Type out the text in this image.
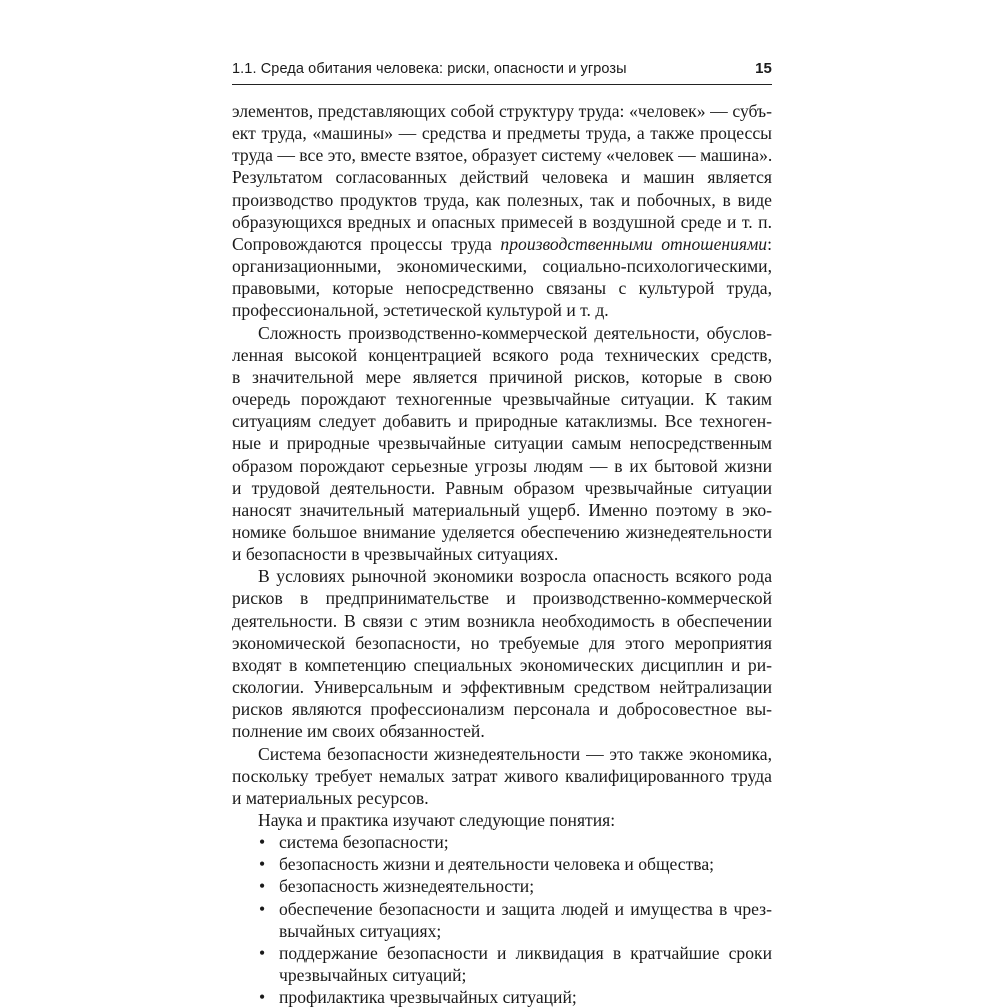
1.1. Среда обитания человека: риски, опасности и угрозы	15
элементов, представляющих собой структуру труда: «человек» — субъ-
ект труда, «машины» — средства и предметы труда, а также процессы
труда — все это, вместе взятое, образует систему «человек — машина».
Результатом согласованных действий человека и машин является
производство продуктов труда, как полезных, так и побочных, в виде
образующихся вредных и опасных примесей в воздушной среде и т. п.
Сопровождаются процессы труда производственными отношениями:
организационными, экономическими, социально-психологическими,
правовыми, которые непосредственно связаны с культурой труда,
профессиональной, эстетической культурой и т. д.
Сложность производственно-коммерческой деятельности, обуслов-
ленная высокой концентрацией всякого рода технических средств,
в значительной мере является причиной рисков, которые в свою
очередь порождают техногенные чрезвычайные ситуации. К таким
ситуациям следует добавить и природные катаклизмы. Все техноген-
ные и природные чрезвычайные ситуации самым непосредственным
образом порождают серьезные угрозы людям — в их бытовой жизни
и трудовой деятельности. Равным образом чрезвычайные ситуации
наносят значительный материальный ущерб. Именно поэтому в эко-
номике большое внимание уделяется обеспечению жизнедеятельности
и безопасности в чрезвычайных ситуациях.
В условиях рыночной экономики возросла опасность всякого рода
рисков в предпринимательстве и производственно-коммерческой
деятельности. В связи с этим возникла необходимость в обеспечении
экономической безопасности, но требуемые для этого мероприятия
входят в компетенцию специальных экономических дисциплин и ри-
скологии. Универсальным и эффективным средством нейтрализации
рисков являются профессионализм персонала и добросовестное вы-
полнение им своих обязанностей.
Система безопасности жизнедеятельности — это также экономика,
поскольку требует немалых затрат живого квалифицированного труда
и материальных ресурсов.
Наука и практика изучают следующие понятия:
• система безопасности;
• безопасность жизни и деятельности человека и общества;
• безопасность жизнедеятельности;
• обеспечение безопасности и защита людей и имущества в чрез-
вычайных ситуациях;
• поддержание безопасности и ликвидация в кратчайшие сроки
чрезвычайных ситуаций;
• профилактика чрезвычайных ситуаций;
